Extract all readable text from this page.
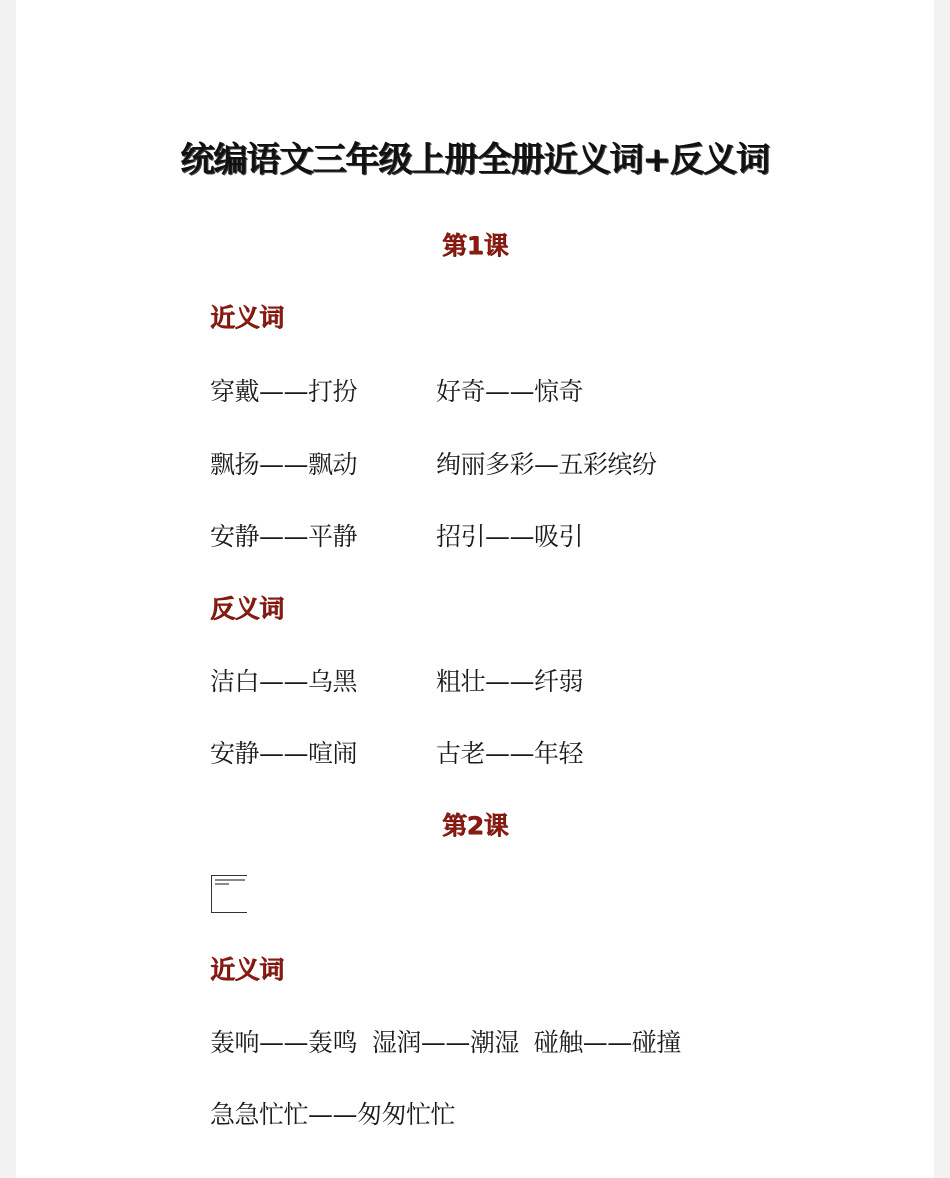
统编语文三年级上册全册近义词+反义词
第1课
近义词
穿戴——打扮	好奇——惊奇
飘扬——飘动	绚丽多彩—五彩缤纷
安静——平静	招引——吸引
反义词
洁白——乌黑	粗壮——纤弱
安静——喧闹	古老——年轻
第2课
近义词
轰响——轰鸣  湿润——潮湿  碰触——碰撞
急急忙忙——匆匆忙忙
